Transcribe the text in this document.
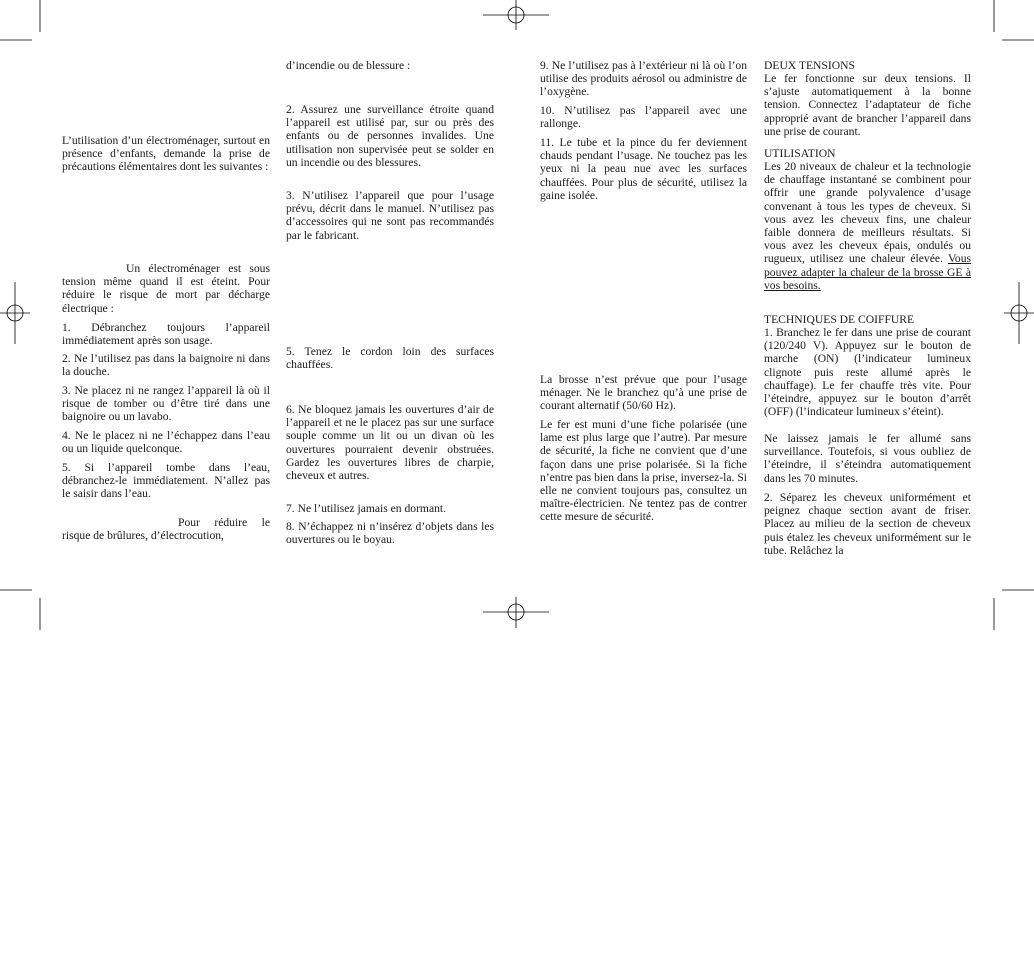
L’utilisation d’un électroménager, surtout en présence d’enfants, demande la prise de précautions élémentaires dont les suivantes :

Un électroménager est sous tension même quand il est éteint. Pour réduire le risque de mort par décharge électrique :

1. Débranchez toujours l’appareil immédiatement après son usage.

2. Ne l’utilisez pas dans la baignoire ni dans la douche.

3. Ne placez ni ne rangez l’appareil là où il risque de tomber ou d’être tiré dans une baignoire ou un lavabo.

4. Ne le placez ni ne l’échappez dans l’eau ou un liquide quelconque.

5. Si l’appareil tombe dans l’eau, débranchez-le immédiatement. N’allez pas le saisir dans l’eau.

Pour réduire le risque de brûlures, d’électrocution,

d’incendie ou de blessure :

2. Assurez une surveillance étroite quand l’appareil est utilisé par, sur ou près des enfants ou de personnes invalides. Une utilisation non supervisée peut se solder en un incendie ou des blessures.

3. N’utilisez l’appareil que pour l’usage prévu, décrit dans le manuel. N’utilisez pas d’accessoires qui ne sont pas recommandés par le fabricant.

5. Tenez le cordon loin des surfaces chauffées.

6. Ne bloquez jamais les ouvertures d’air de l’appareil et ne le placez pas sur une surface souple comme un lit ou un divan où les ouvertures pourraient devenir obstruées. Gardez les ouvertures libres de charpie, cheveux et autres.

7. Ne l’utilisez jamais en dormant.

8. N’échappez ni n’insérez d’objets dans les ouvertures ou le boyau.

9. Ne l’utilisez pas à l’extérieur ni là où l’on utilise des produits aérosol ou administre de l’oxygène.

10. N’utilisez pas l’appareil avec une rallonge.

11. Le tube et la pince du fer deviennent chauds pendant l’usage. Ne touchez pas les yeux ni la peau nue avec les surfaces chauffées. Pour plus de sécurité, utilisez la gaine isolée.

La brosse n’est prévue que pour l’usage ménager. Ne le branchez qu’à une prise de courant alternatif (50/60 Hz).

Le fer est muni d’une fiche polarisée (une lame est plus large que l’autre). Par mesure de sécurité, la fiche ne convient que d’une façon dans une prise polarisée. Si la fiche n’entre pas bien dans la prise, inversez-la. Si elle ne convient toujours pas, consultez un maître-électricien. Ne tentez pas de contrer cette mesure de sécurité.

DEUX TENSIONS

Le fer fonctionne sur deux tensions. Il s’ajuste automatiquement à la bonne tension. Connectez l’adaptateur de fiche approprié avant de brancher l’appareil dans une prise de courant.

UTILISATION

Les 20 niveaux de chaleur et la technologie de chauffage instantané se combinent pour offrir une grande polyvalence d’usage convenant à tous les types de cheveux. Si vous avez les cheveux fins, une chaleur faible donnera de meilleurs résultats. Si vous avez les cheveux épais, ondulés ou rugueux, utilisez une chaleur élevée. Vous pouvez adapter la chaleur de la brosse GE à vos besoins.

TECHNIQUES DE COIFFURE

1. Branchez le fer dans une prise de courant (120/240 V). Appuyez sur le bouton de marche (ON) (l’indicateur lumineux clignote puis reste allumé après le chauffage). Le fer chauffe très vite. Pour l’éteindre, appuyez sur le bouton d’arrêt (OFF) (l’indicateur lumineux s’éteint).

Ne laissez jamais le fer allumé sans surveillance. Toutefois, si vous oubliez de l’éteindre, il s’éteindra automatiquement dans les 70 minutes.

2. Séparez les cheveux uniformément et peignez chaque section avant de friser. Placez au milieu de la section de cheveux puis étalez les cheveux uniformément sur le tube. Relâchez la
